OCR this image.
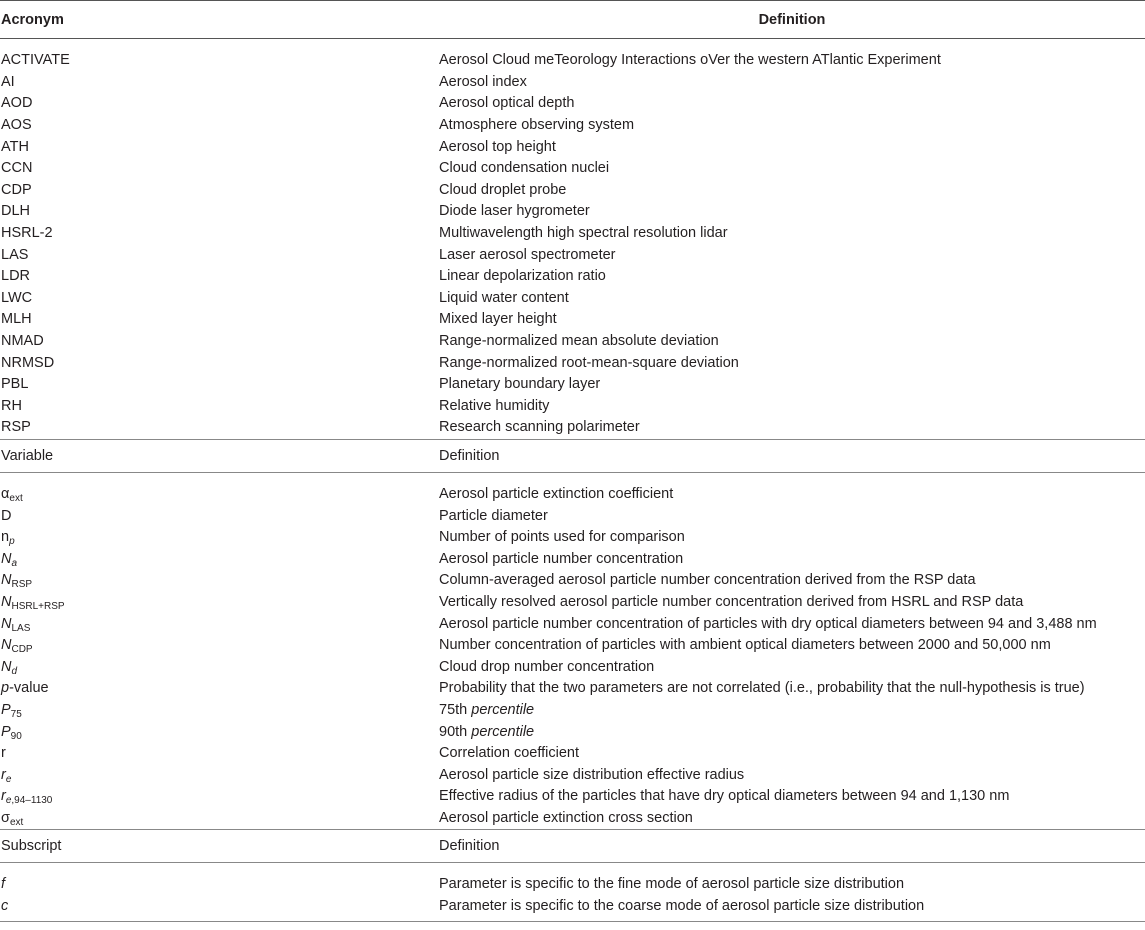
Acronym	Definition

ACTIVATE	Aerosol Cloud meTeorology Interactions oVer the western ATlantic Experiment
AI	Aerosol index
AOD	Aerosol optical depth
AOS	Atmosphere observing system
ATH	Aerosol top height
CCN	Cloud condensation nuclei
CDP	Cloud droplet probe
DLH	Diode laser hygrometer
HSRL-2	Multiwavelength high spectral resolution lidar
LAS	Laser aerosol spectrometer
LDR	Linear depolarization ratio
LWC	Liquid water content
MLH	Mixed layer height
NMAD	Range-normalized mean absolute deviation
NRMSD	Range-normalized root-mean-square deviation
PBL	Planetary boundary layer
RH	Relative humidity
RSP	Research scanning polarimeter
Variable	Definition

$\alpha_{ext}$	Aerosol particle extinction coefficient
D	Particle diameter
$n_p$	Number of points used for comparison
$N_a$	Aerosol particle number concentration
$N_{RSP}$	Column-averaged aerosol particle number concentration derived from the RSP data
$N_{HSRL+RSP}$	Vertically resolved aerosol particle number concentration derived from HSRL and RSP data
$N_{LAS}$	Aerosol particle number concentration of particles with dry optical diameters between 94 and 3,488 nm
$N_{CDP}$	Number concentration of particles with ambient optical diameters between 2000 and 50,000 nm
$N_d$	Cloud drop number concentration
p-value	Probability that the two parameters are not correlated (i.e., probability that the null-hypothesis is true)
$P_{75}$	75th percentile
$P_{90}$	90th percentile
r	Correlation coefficient
$r_e$	Aerosol particle size distribution effective radius
$r_{e,94-1130}$	Effective radius of the particles that have dry optical diameters between 94 and 1,130 nm
$\sigma_{ext}$	Aerosol particle extinction cross section
Subscript	Definition

f	Parameter is specific to the fine mode of aerosol particle size distribution
c	Parameter is specific to the coarse mode of aerosol particle size distribution
